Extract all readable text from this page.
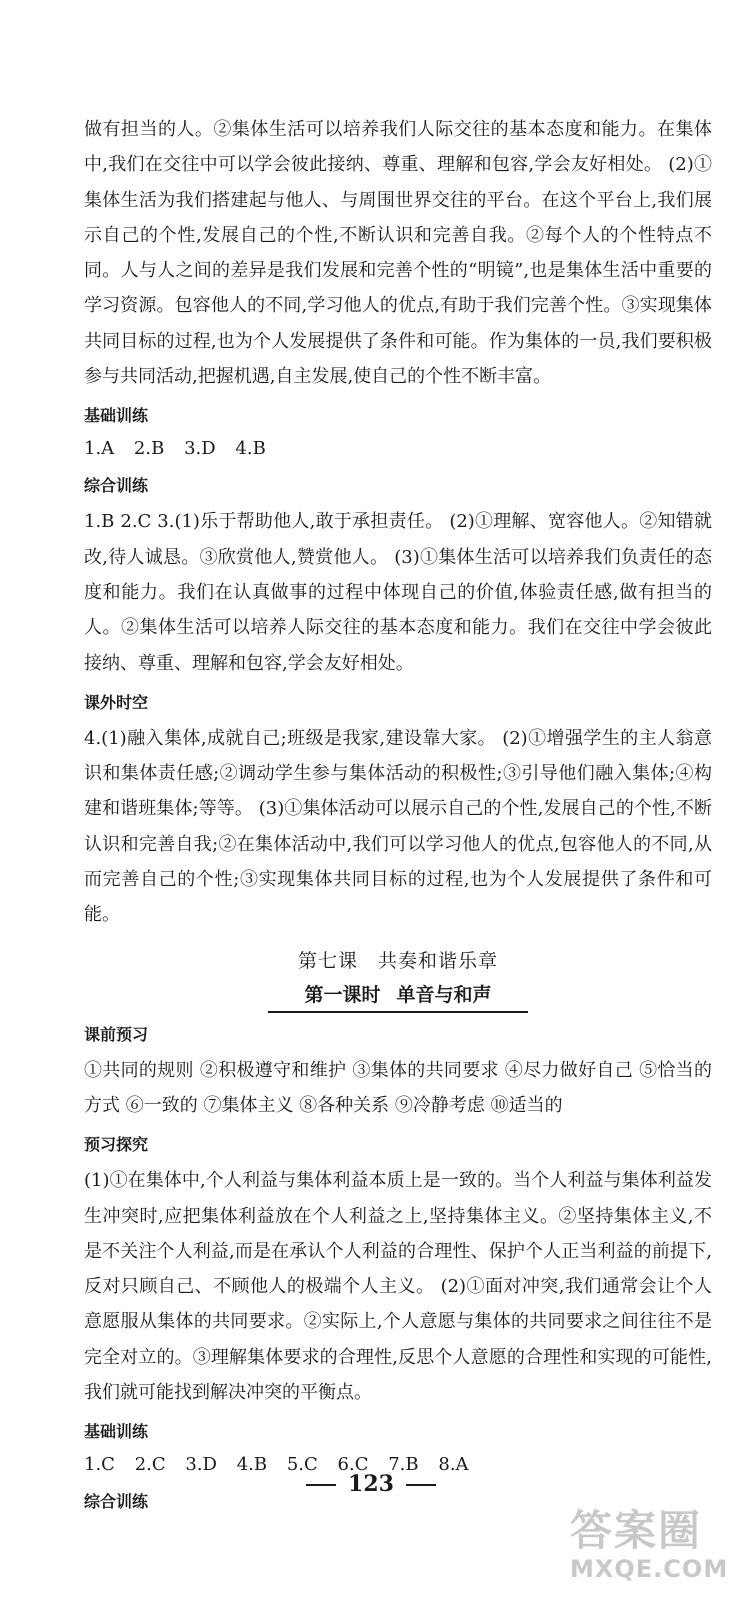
做有担当的人。②集体生活可以培养我们人际交往的基本态度和能力。在集体中,我们在交往中可以学会彼此接纳、尊重、理解和包容,学会友好相处。 (2)①集体生活为我们搭建起与他人、与周围世界交往的平台。在这个平台上,我们展示自己的个性,发展自己的个性,不断认识和完善自我。②每个人的个性特点不同。人与人之间的差异是我们发展和完善个性的“明镜”,也是集体生活中重要的学习资源。包容他人的不同,学习他人的优点,有助于我们完善个性。③实现集体共同目标的过程,也为个人发展提供了条件和可能。作为集体的一员,我们要积极参与共同活动,把握机遇,自主发展,使自己的个性不断丰富。

基础训练

1.A 2.B 3.D 4.B

综合训练

1.B 2.C 3.(1)乐于帮助他人,敢于承担责任。 (2)①理解、宽容他人。②知错就改,待人诚恳。③欣赏他人,赞赏他人。 (3)①集体生活可以培养我们负责任的态度和能力。我们在认真做事的过程中体现自己的价值,体验责任感,做有担当的人。②集体生活可以培养人际交往的基本态度和能力。我们在交往中学会彼此接纳、尊重、理解和包容,学会友好相处。

课外时空

4.(1)融入集体,成就自己;班级是我家,建设靠大家。 (2)①增强学生的主人翁意识和集体责任感;②调动学生参与集体活动的积极性;③引导他们融入集体;④构建和谐班集体;等等。 (3)①集体活动可以展示自己的个性,发展自己的个性,不断认识和完善自我;②在集体活动中,我们可以学习他人的优点,包容他人的不同,从而完善自己的个性;③实现集体共同目标的过程,也为个人发展提供了条件和可能。

第七课 共奏和谐乐章
第一课时 单音与和声
课前预习

①共同的规则 ②积极遵守和维护 ③集体的共同要求 ④尽力做好自己 ⑤恰当的方式 ⑥一致的 ⑦集体主义 ⑧各种关系 ⑨冷静考虑 ⑩适当的

预习探究

(1)①在集体中,个人利益与集体利益本质上是一致的。当个人利益与集体利益发生冲突时,应把集体利益放在个人利益之上,坚持集体主义。②坚持集体主义,不是不关注个人利益,而是在承认个人利益的合理性、保护个人正当利益的前提下,反对只顾自己、不顾他人的极端个人主义。 (2)①面对冲突,我们通常会让个人意愿服从集体的共同要求。②实际上,个人意愿与集体的共同要求之间往往不是完全对立的。③理解集体要求的合理性,反思个人意愿的合理性和实现的可能性,我们就可能找到解决冲突的平衡点。

基础训练

1.C 2.C 3.D 4.B 5.C 6.C 7.B 8.A

综合训练
123
答案圈
MXQE.COM
